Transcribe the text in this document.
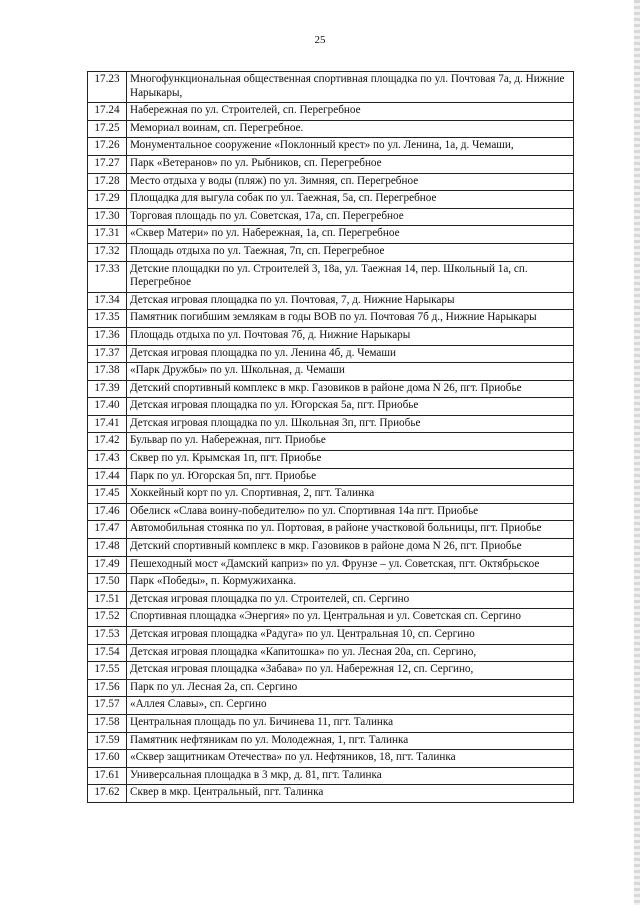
25
17.23	Многофункциональная общественная спортивная площадка по ул. Почтовая 7а, д. Нижние Нарыкары,
17.24	Набережная по ул. Строителей, сп. Перегребное
17.25	Мемориал воинам, сп. Перегребное.
17.26	Монументальное сооружение «Поклонный крест» по ул. Ленина, 1а, д. Чемаши,
17.27	Парк «Ветеранов» по ул. Рыбников, сп. Перегребное
17.28	Место отдыха у воды (пляж) по ул. Зимняя, сп. Перегребное
17.29	Площадка для выгула собак по ул. Таежная, 5а, сп. Перегребное
17.30	Торговая площадь по ул. Советская, 17а, сп. Перегребное
17.31	«Сквер Матери» по ул. Набережная, 1а, сп. Перегребное
17.32	Площадь отдыха по ул. Таежная, 7п, сп. Перегребное
17.33	Детские площадки по ул. Строителей 3, 18а, ул. Таежная 14, пер. Школьный 1а, сп. Перегребное
17.34	Детская игровая площадка по ул. Почтовая, 7, д. Нижние Нарыкары
17.35	Памятник погибшим землякам в годы ВОВ по ул. Почтовая 7б д., Нижние Нарыкары
17.36	Площадь отдыха по ул. Почтовая 7б, д. Нижние Нарыкары
17.37	Детская игровая площадка по ул. Ленина 4б, д. Чемаши
17.38	«Парк Дружбы» по ул. Школьная, д. Чемаши
17.39	Детский спортивный комплекс в мкр. Газовиков в районе дома N 26, пгт. Приобье
17.40	Детская игровая площадка по ул. Югорская 5а, пгт. Приобье
17.41	Детская игровая площадка по ул. Школьная 3п, пгт. Приобье
17.42	Бульвар по ул. Набережная, пгт. Приобье
17.43	Сквер по ул. Крымская 1п, пгт. Приобье
17.44	Парк по ул. Югорская 5п, пгт. Приобье
17.45	Хоккейный корт по ул. Спортивная, 2, пгт. Талинка
17.46	Обелиск «Слава воину-победителю» по ул. Спортивная 14а пгт. Приобье
17.47	Автомобильная стоянка по ул. Портовая, в районе участковой больницы, пгт. Приобье
17.48	Детский спортивный комплекс в мкр. Газовиков в районе дома N 26, пгт. Приобье
17.49	Пешеходный мост «Дамский каприз» по ул. Фрунзе – ул. Советская, пгт. Октябрьское
17.50	Парк «Победы», п. Кормужиханка.
17.51	Детская игровая площадка по ул. Строителей, сп. Сергино
17.52	Спортивная площадка «Энергия» по ул. Центральная и ул. Советская сп. Сергино
17.53	Детская игровая площадка «Радуга» по ул. Центральная 10, сп. Сергино
17.54	Детская игровая площадка «Капитошка» по ул. Лесная 20а, сп. Сергино,
17.55	Детская игровая площадка «Забава» по ул. Набережная 12, сп. Сергино,
17.56	Парк по ул. Лесная 2а, сп. Сергино
17.57	«Аллея Славы», сп. Сергино
17.58	Центральная площадь по ул. Бичинева 11, пгт. Талинка
17.59	Памятник нефтяникам по ул. Молодежная, 1, пгт. Талинка
17.60	«Сквер защитникам Отечества» по ул. Нефтяников, 18, пгт. Талинка
17.61	Универсальная площадка в 3 мкр, д. 81, пгт. Талинка
17.62	Сквер в мкр. Центральный, пгт. Талинка
